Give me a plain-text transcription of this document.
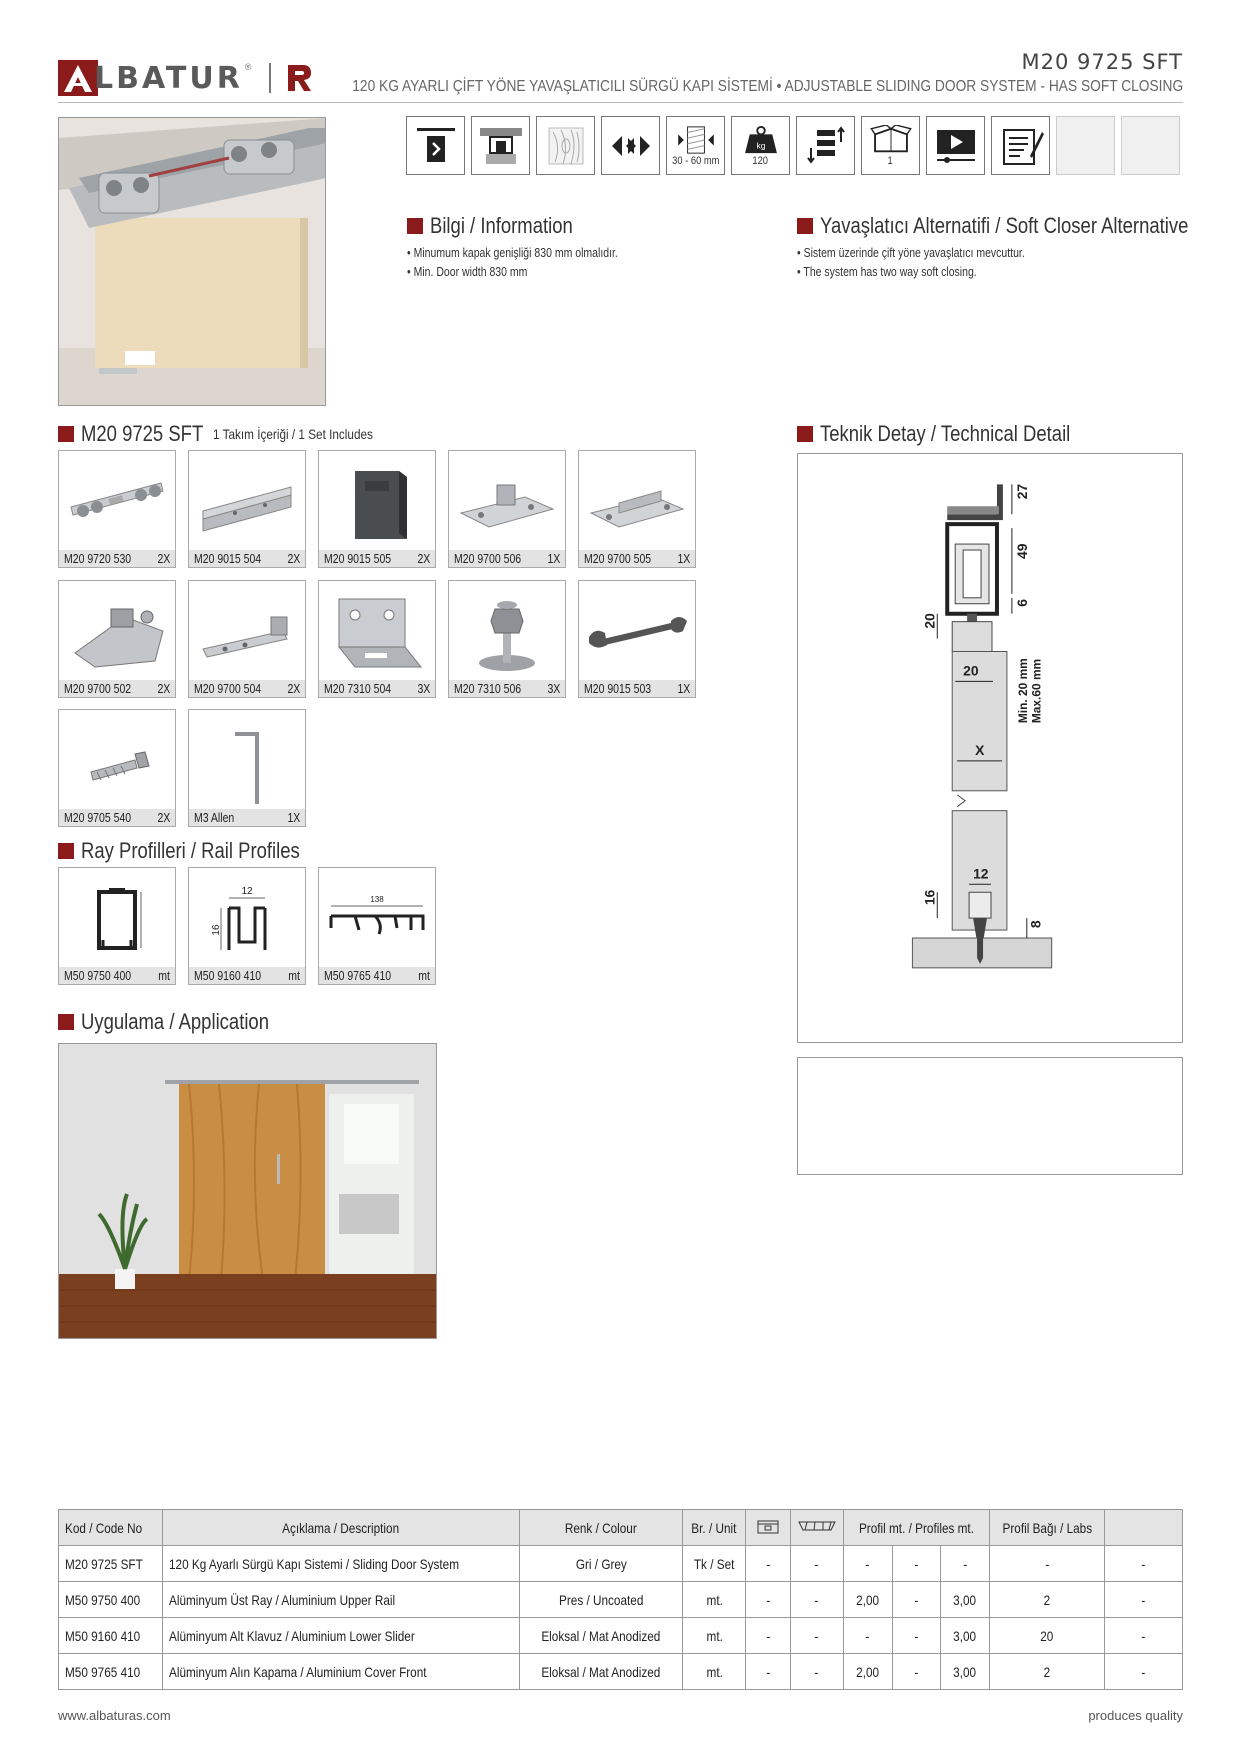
LBATUR ®	M20 9725 SFT
120 KG AYARLI ÇİFT YÖNE YAVAŞLATICILI SÜRGÜ KAPI SİSTEMİ • ADJUSTABLE SLIDING DOOR SYSTEM - HAS SOFT CLOSING
30 - 60 mm
kg
120	1
Bilgi / Information
• Minumum kapak genişliği 830 mm olmalıdır.
• Min. Door width 830 mm
Yavaşlatıcı Alternatifi / Soft Closer Alternative
• Sistem üzerinde çift yöne yavaşlatıcı mevcuttur.
• The system has two way soft closing.
M20 9725 SFT 1 Takım İçeriği / 1 Set Includes
M20 9720 530 2X M20 9015 504 2X M20 9015 505 2X M20 9700 506 1X M20 9700 505 1X
M20 9700 502 2X M20 9700 504 2X M20 7310 504 3X M20 7310 506 3X M20 9015 503 1X
M20 9705 540 2X M3 Allen	1X
Ray Profilleri / Rail Profiles
M50 9750 400 mt
12
16
M50 9160 410 mt
138
M50 9765 410 mt
Uygulama / Application
Teknik Detay / Technical Detail
27
49
6
20
20	Min. 20 mm Max.60 mm
X
12
16
8
Kod / Code No	Açıklama / Description	Renk / Colour	Br. / Unit			Profil mt. / Profiles mt.			Profil Bağı / Labs	
M20 9725 SFT	120 Kg Ayarlı Sürgü Kapı Sistemi / Sliding Door System	Gri / Grey	Tk / Set	-	-	-	-	-	-	-
M50 9750 400	Alüminyum Üst Ray / Aluminium Upper Rail	Pres / Uncoated	mt.	-	-	2,00	-	3,00	2	-
M50 9160 410	Alüminyum Alt Klavuz / Aluminium Lower Slider	Eloksal / Mat Anodized	mt.	-	-	-	-	3,00	20	-
M50 9765 410	Alüminyum Alın Kapama / Aluminium Cover Front	Eloksal / Mat Anodized	mt.	-	-	2,00	-	3,00	2	-
www.albaturas.com	produces quality
